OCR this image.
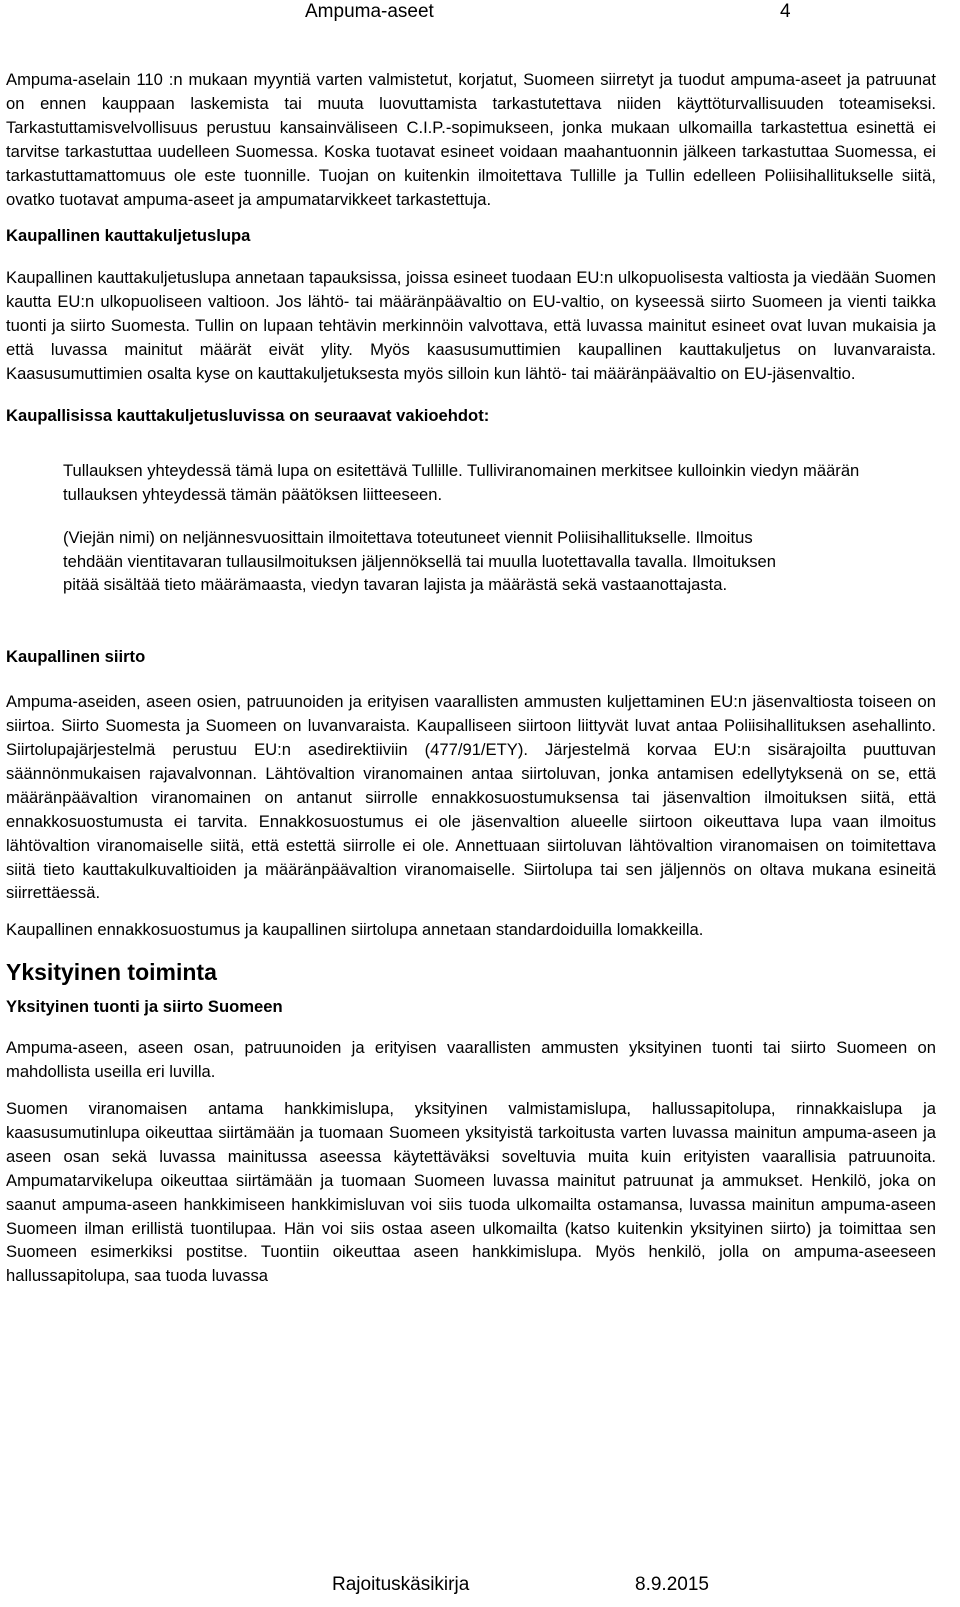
Ampuma-aseet	4

Ampuma-aselain 110 :n mukaan myyntiä varten valmistetut, korjatut, Suomeen siirretyt ja tuodut ampuma-aseet ja patruunat on ennen kauppaan laskemista tai muuta luovuttamista tarkastutettava niiden käyttöturvallisuuden toteamiseksi. Tarkastuttamisvelvollisuus perustuu kansainväliseen C.I.P.-sopimukseen, jonka mukaan ulkomailla tarkastettua esinettä ei tarvitse tarkastuttaa uudelleen Suomessa. Koska tuotavat esineet voidaan maahantuonnin jälkeen tarkastuttaa Suomessa, ei tarkastuttamattomuus ole este tuonnille. Tuojan on kuitenkin ilmoitettava Tullille ja Tullin edelleen Poliisihallitukselle siitä, ovatko tuotavat ampuma-aseet ja ampumatarvikkeet tarkastettuja.

Kaupallinen kauttakuljetuslupa

Kaupallinen kauttakuljetuslupa annetaan tapauksissa, joissa esineet tuodaan EU:n ulkopuolisesta valtiosta ja viedään Suomen kautta EU:n ulkopuoliseen valtioon. Jos lähtö- tai määränpäävaltio on EU-valtio, on kyseessä siirto Suomeen ja vienti taikka tuonti ja siirto Suomesta. Tullin on lupaan tehtävin merkinnöin valvottava, että luvassa mainitut esineet ovat luvan mukaisia ja että luvassa mainitut määrät eivät ylity. Myös kaasusumuttimien kaupallinen kauttakuljetus on luvanvaraista. Kaasusumuttimien osalta kyse on kauttakuljetuksesta myös silloin kun lähtö- tai määränpäävaltio on EU-jäsenvaltio.

Kaupallisissa kauttakuljetusluvissa on seuraavat vakioehdot:

Tullauksen yhteydessä tämä lupa on esitettävä Tullille. Tulliviranomainen merkitsee kulloinkin viedyn määrän tullauksen yhteydessä tämän päätöksen liitteeseen.

(Viejän nimi) on neljännesvuosittain ilmoitettava toteutuneet viennit Poliisihallitukselle. Ilmoitus tehdään vientitavaran tullausilmoituksen jäljennöksellä tai muulla luotettavalla tavalla. Ilmoituksen pitää sisältää tieto määrämaasta, viedyn tavaran lajista ja määrästä sekä vastaanottajasta.

Kaupallinen siirto

Ampuma-aseiden, aseen osien, patruunoiden ja erityisen vaarallisten ammusten kuljettaminen EU:n jäsenvaltiosta toiseen on siirtoa. Siirto Suomesta ja Suomeen on luvanvaraista. Kaupalliseen siirtoon liittyvät luvat antaa Poliisihallituksen asehallinto. Siirtolupajärjestelmä perustuu EU:n asedirektiiviin (477/91/ETY). Järjestelmä korvaa EU:n sisärajoilta puuttuvan säännönmukaisen rajavalvonnan. Lähtövaltion viranomainen antaa siirtoluvan, jonka antamisen edellytyksenä on se, että määränpäävaltion viranomainen on antanut siirrolle ennakkosuostumuksensa tai jäsenvaltion ilmoituksen siitä, että ennakkosuostumusta ei tarvita. Ennakkosuostumus ei ole jäsenvaltion alueelle siirtoon oikeuttava lupa vaan ilmoitus lähtövaltion viranomaiselle siitä, että estettä siirrolle ei ole. Annettuaan siirtoluvan lähtövaltion viranomaisen on toimitettava siitä tieto kauttakulkuvaltioiden ja määränpäävaltion viranomaiselle. Siirtolupa tai sen jäljennös on oltava mukana esineitä siirrettäessä.

Kaupallinen ennakkosuostumus ja kaupallinen siirtolupa annetaan standardoiduilla lomakkeilla.

Yksityinen toiminta

Yksityinen tuonti ja siirto Suomeen

Ampuma-aseen, aseen osan, patruunoiden ja erityisen vaarallisten ammusten yksityinen tuonti tai siirto Suomeen on mahdollista useilla eri luvilla.

Suomen viranomaisen antama hankkimislupa, yksityinen valmistamislupa, hallussapitolupa, rinnakkaislupa ja kaasusumutinlupa oikeuttaa siirtämään ja tuomaan Suomeen yksityistä tarkoitusta varten luvassa mainitun ampuma-aseen ja aseen osan sekä luvassa mainitussa aseessa käytettäväksi soveltuvia muita kuin erityisten vaarallisia patruunoita. Ampumatarvikelupa oikeuttaa siirtämään ja tuomaan Suomeen luvassa mainitut patruunat ja ammukset. Henkilö, joka on saanut ampuma-aseen hankkimiseen hankkimisluvan voi siis tuoda ulkomailta ostamansa, luvassa mainitun ampuma-aseen Suomeen ilman erillistä tuontilupaa. Hän voi siis ostaa aseen ulkomailta (katso kuitenkin yksityinen siirto) ja toimittaa sen Suomeen esimerkiksi postitse. Tuontiin oikeuttaa aseen hankkimislupa. Myös henkilö, jolla on ampuma-aseeseen hallussapitolupa, saa tuoda luvassa

Rajoituskäsikirja	8.9.2015
